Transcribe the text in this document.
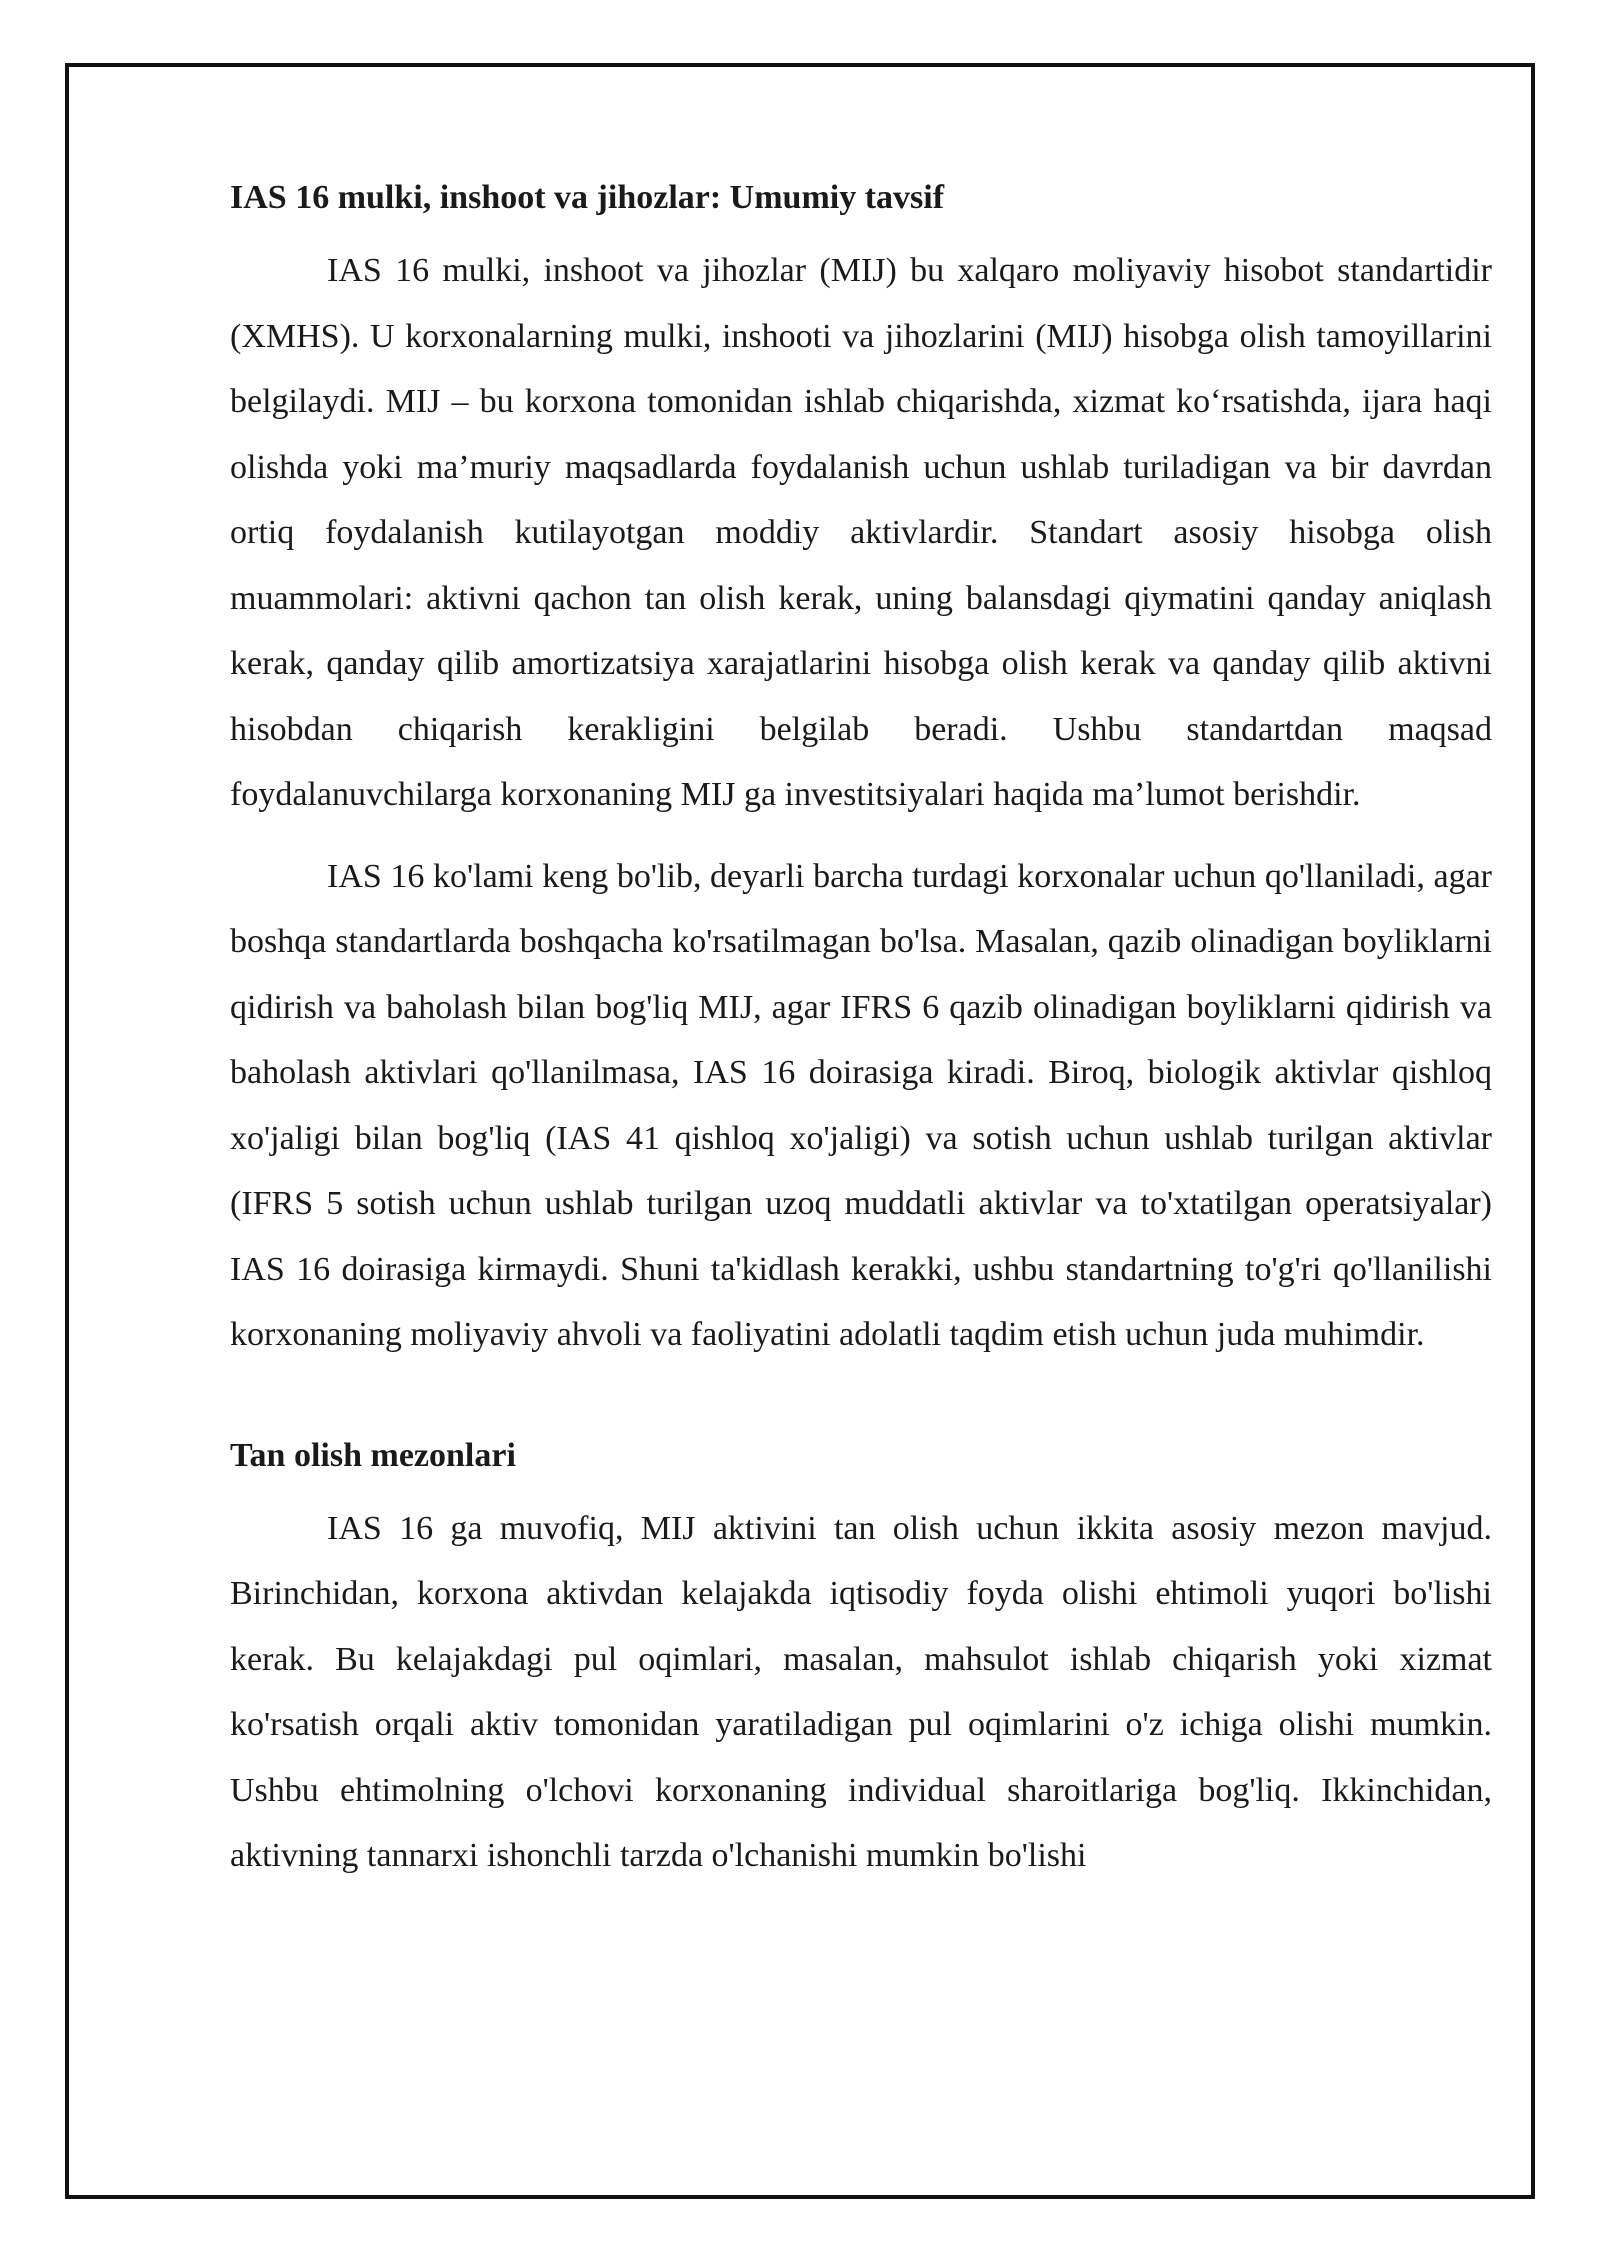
IAS 16 mulki, inshoot va jihozlar: Umumiy tavsif

IAS 16 mulki, inshoot va jihozlar (MIJ) bu xalqaro moliyaviy hisobot standartidir (XMHS). U korxonalarning mulki, inshooti va jihozlarini (MIJ) hisobga olish tamoyillarini belgilaydi. MIJ – bu korxona tomonidan ishlab chiqarishda, xizmat ko‘rsatishda, ijara haqi olishda yoki ma’muriy maqsadlarda foydalanish uchun ushlab turiladigan va bir davrdan ortiq foydalanish kutilayotgan moddiy aktivlardir. Standart asosiy hisobga olish muammolari: aktivni qachon tan olish kerak, uning balansdagi qiymatini qanday aniqlash kerak, qanday qilib amortizatsiya xarajatlarini hisobga olish kerak va qanday qilib aktivni hisobdan chiqarish kerakligini belgilab beradi. Ushbu standartdan maqsad foydalanuvchilarga korxonaning MIJ ga investitsiyalari haqida ma’lumot berishdir.

IAS 16 ko'lami keng bo'lib, deyarli barcha turdagi korxonalar uchun qo'llaniladi, agar boshqa standartlarda boshqacha ko'rsatilmagan bo'lsa. Masalan, qazib olinadigan boyliklarni qidirish va baholash bilan bog'liq MIJ, agar IFRS 6 qazib olinadigan boyliklarni qidirish va baholash aktivlari qo'llanilmasa, IAS 16 doirasiga kiradi. Biroq, biologik aktivlar qishloq xo'jaligi bilan bog'liq (IAS 41 qishloq xo'jaligi) va sotish uchun ushlab turilgan aktivlar (IFRS 5 sotish uchun ushlab turilgan uzoq muddatli aktivlar va to'xtatilgan operatsiyalar) IAS 16 doirasiga kirmaydi. Shuni ta'kidlash kerakki, ushbu standartning to'g'ri qo'llanilishi korxonaning moliyaviy ahvoli va faoliyatini adolatli taqdim etish uchun juda muhimdir.

Tan olish mezonlari

IAS 16 ga muvofiq, MIJ aktivini tan olish uchun ikkita asosiy mezon mavjud. Birinchidan, korxona aktivdan kelajakda iqtisodiy foyda olishi ehtimoli yuqori bo'lishi kerak. Bu kelajakdagi pul oqimlari, masalan, mahsulot ishlab chiqarish yoki xizmat ko'rsatish orqali aktiv tomonidan yaratiladigan pul oqimlarini o'z ichiga olishi mumkin. Ushbu ehtimolning o'lchovi korxonaning individual sharoitlariga bog'liq. Ikkinchidan, aktivning tannarxi ishonchli tarzda o'lchanishi mumkin bo'lishi
